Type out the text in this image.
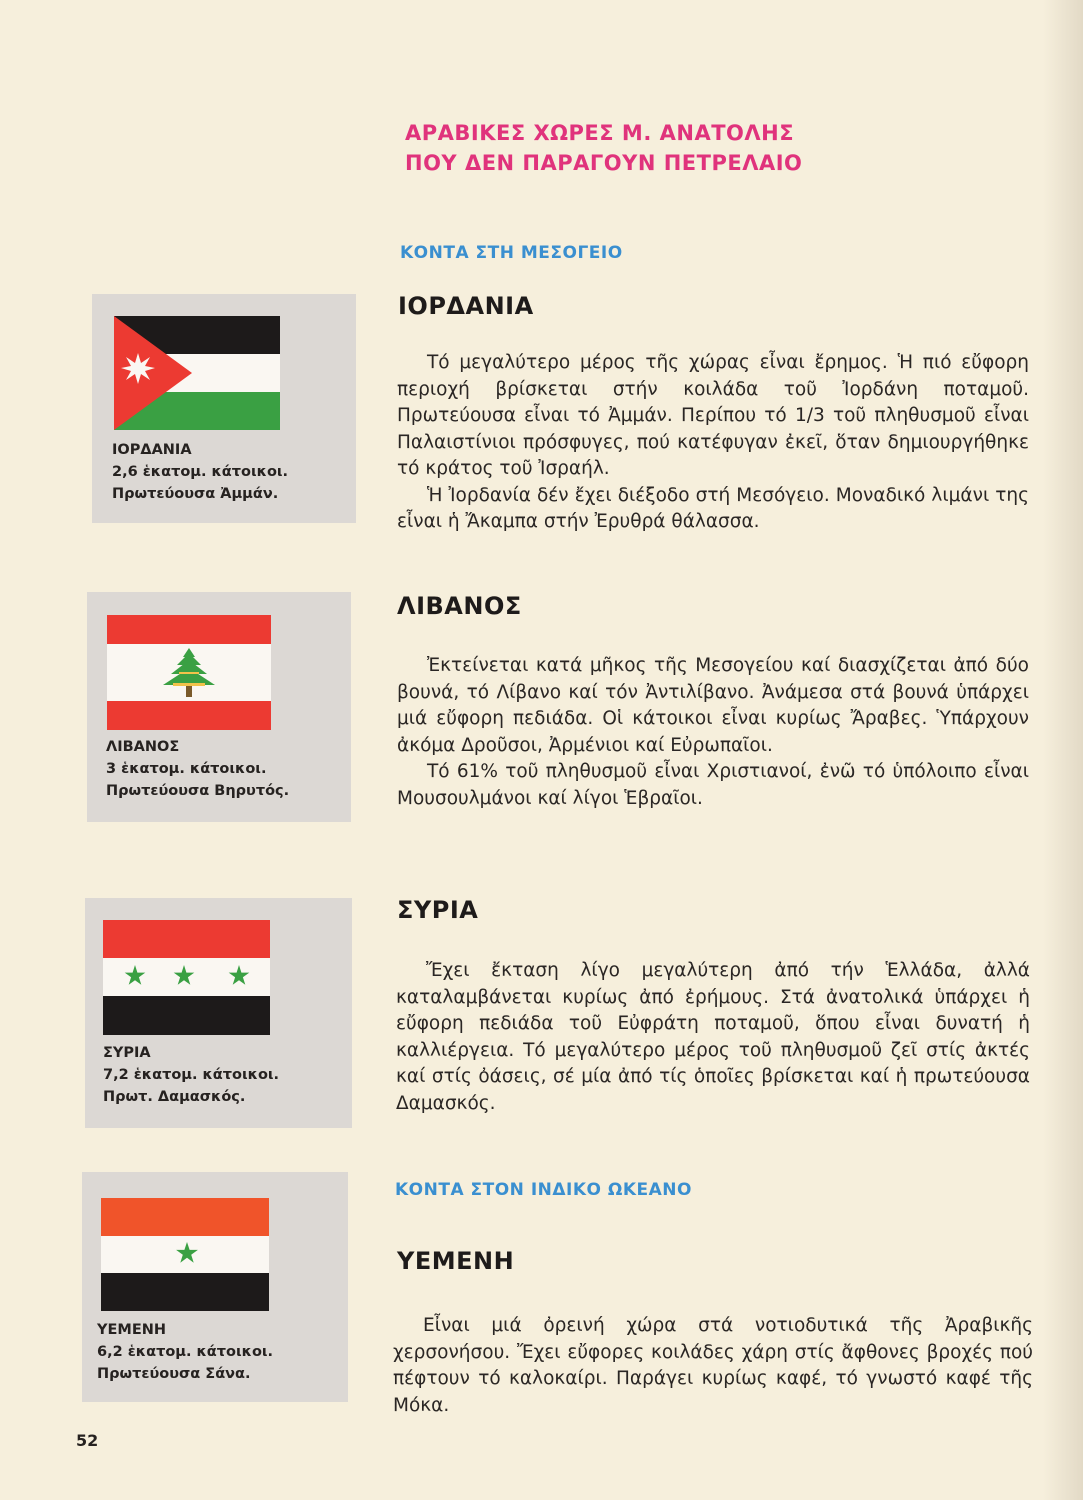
ΑΡΑΒΙΚΕΣ ΧΩΡΕΣ Μ. ΑΝΑΤΟΛΗΣ
ΠΟΥ ΔΕΝ ΠΑΡΑΓΟΥΝ ΠΕΤΡΕΛΑΙΟ
ΚΟΝΤΑ ΣΤΗ ΜΕΣΟΓΕΙΟ
ΙΟΡΔΑΝΙΑ
2,6 ἑκατομ. κάτοικοι.
Πρωτεύουσα Ἀμμάν.
ΙΟΡΔΑΝΙΑ

Τό μεγαλύτερο μέρος τῆς χώρας εἶναι ἔρημος. Ἡ πιό εὔφορη περιοχή βρίσκεται στήν κοιλάδα τοῦ Ἰορδάνη ποταμοῦ. Πρωτεύουσα εἶναι τό Ἀμμάν. Περίπου τό 1/3 τοῦ πληθυσμοῦ εἶναι Παλαιστίνιοι πρόσφυγες, πού κατέφυγαν ἐκεῖ, ὅταν δημιουργήθηκε τό κράτος τοῦ Ἰσραήλ.

Ἡ Ἰορδανία δέν ἔχει διέξοδο στή Μεσόγειο. Μοναδικό λιμάνι της εἶναι ἡ Ἄκαμπα στήν Ἐρυθρά θάλασσα.

ΛΙΒΑΝΟΣ
3 ἑκατομ. κάτοικοι.
Πρωτεύουσα Βηρυτός.
ΛΙΒΑΝΟΣ

Ἐκτείνεται κατά μῆκος τῆς Μεσογείου καί διασχίζεται ἀπό δύο βουνά, τό Λίβανο καί τόν Ἀντιλίβανο. Ἀνάμεσα στά βουνά ὑπάρχει μιά εὔφορη πεδιάδα. Οἱ κάτοικοι εἶναι κυρίως Ἄραβες. Ὑπάρχουν ἀκόμα Δροῦσοι, Ἀρμένιοι καί Εὐρωπαῖοι.

Τό 61% τοῦ πληθυσμοῦ εἶναι Χριστιανοί, ἐνῶ τό ὑπόλοιπο εἶναι Μουσουλμάνοι καί λίγοι Ἑβραῖοι.

ΣΥΡΙΑ
7,2 ἑκατομ. κάτοικοι.
Πρωτ. Δαμασκός.
ΣΥΡΙΑ

Ἔχει ἔκταση λίγο μεγαλύτερη ἀπό τήν Ἑλλάδα, ἀλλά καταλαμβάνεται κυρίως ἀπό ἐρήμους. Στά ἀνατολικά ὑπάρχει ἡ εὔφορη πεδιάδα τοῦ Εὐφράτη ποταμοῦ, ὅπου εἶναι δυνατή ἡ καλλιέργεια. Τό μεγαλύτερο μέρος τοῦ πληθυσμοῦ ζεῖ στίς ἀκτές καί στίς ὀάσεις, σέ μία ἀπό τίς ὁποῖες βρίσκεται καί ἡ πρωτεύουσα Δαμασκός.

ΚΟΝΤΑ ΣΤΟΝ ΙΝΔΙΚΟ ΩΚΕΑΝΟ
ΥΕΜΕΝΗ
6,2 ἑκατομ. κάτοικοι.
Πρωτεύουσα Σάνα.
ΥΕΜΕΝΗ

Εἶναι μιά ὀρεινή χώρα στά νοτιοδυτικά τῆς Ἀραβικῆς χερσονήσου. Ἔχει εὔφορες κοιλάδες χάρη στίς ἄφθονες βροχές πού πέφτουν τό καλοκαίρι. Παράγει κυρίως καφέ, τό γνωστό καφέ τῆς Μόκα.

52
